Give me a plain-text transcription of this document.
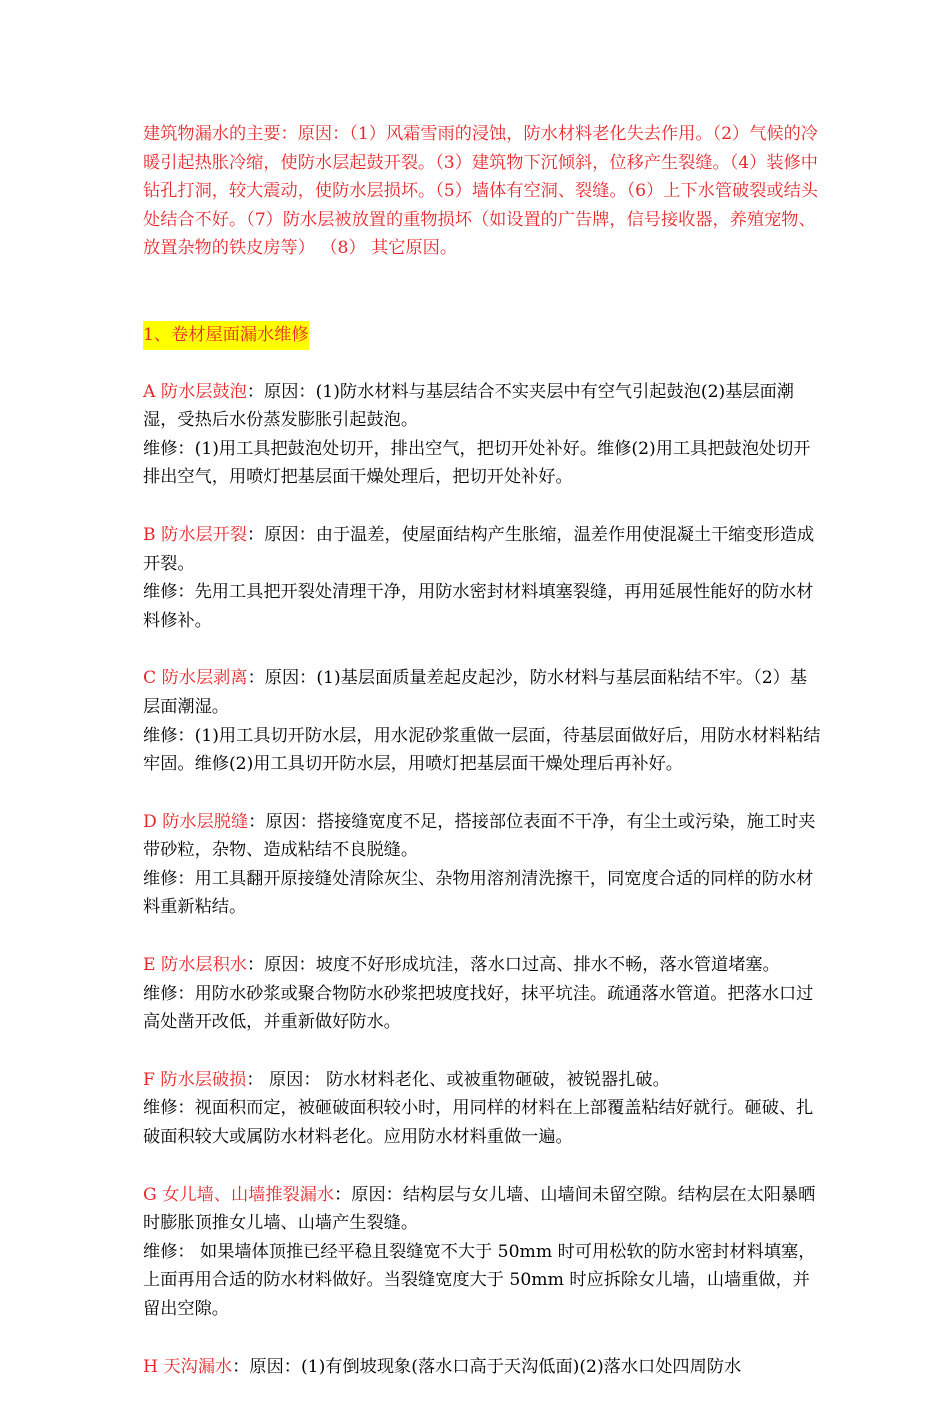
建筑物漏水的主要：原因：（1）风霜雪雨的浸蚀，防水材料老化失去作用。（2）气候的冷暖引起热胀冷缩，使防水层起鼓开裂。（3）建筑物下沉倾斜，位移产生裂缝。（4）装修中钻孔打洞，较大震动，使防水层损坏。（5）墙体有空洞、裂缝。（6）上下水管破裂或结头处结合不好。（7）防水层被放置的重物损坏（如设置的广告牌，信号接收器，养殖宠物、放置杂物的铁皮房等） （8） 其它原因。

1、卷材屋面漏水维修

A 防水层鼓泡：原因：(1)防水材料与基层结合不实夹层中有空气引起鼓泡(2)基层面潮湿，受热后水份蒸发膨胀引起鼓泡。

维修：(1)用工具把鼓泡处切开，排出空气，把切开处补好。维修(2)用工具把鼓泡处切开排出空气，用喷灯把基层面干燥处理后，把切开处补好。

B 防水层开裂：原因：由于温差，使屋面结构产生胀缩，温差作用使混凝土干缩变形造成开裂。

维修：先用工具把开裂处清理干净，用防水密封材料填塞裂缝，再用延展性能好的防水材料修补。

C 防水层剥离：原因：(1)基层面质量差起皮起沙，防水材料与基层面粘结不牢。（2）基层面潮湿。

维修：(1)用工具切开防水层，用水泥砂浆重做一层面，待基层面做好后，用防水材料粘结牢固。维修(2)用工具切开防水层，用喷灯把基层面干燥处理后再补好。

D 防水层脱缝：原因：搭接缝宽度不足，搭接部位表面不干净，有尘土或污染，施工时夹带砂粒，杂物、造成粘结不良脱缝。

维修：用工具翻开原接缝处清除灰尘、杂物用溶剂清洗擦干，同宽度合适的同样的防水材料重新粘结。

E 防水层积水：原因：坡度不好形成坑洼，落水口过高、排水不畅，落水管道堵塞。

维修：用防水砂浆或聚合物防水砂浆把坡度找好，抹平坑洼。疏通落水管道。把落水口过高处凿开改低，并重新做好防水。

F 防水层破损： 原因： 防水材料老化、或被重物砸破，被锐器扎破。

维修：视面积而定，被砸破面积较小时，用同样的材料在上部覆盖粘结好就行。砸破、扎破面积较大或属防水材料老化。应用防水材料重做一遍。

G 女儿墙、山墙推裂漏水：原因：结构层与女儿墙、山墙间未留空隙。结构层在太阳暴晒时膨胀顶推女儿墙、山墙产生裂缝。

维修： 如果墙体顶推已经平稳且裂缝宽不大于 50mm 时可用松软的防水密封材料填塞，上面再用合适的防水材料做好。当裂缝宽度大于 50mm 时应拆除女儿墙，山墙重做，并留出空隙。

H 天沟漏水：原因：(1)有倒坡现象(落水口高于天沟低面)(2)落水口处四周防水
